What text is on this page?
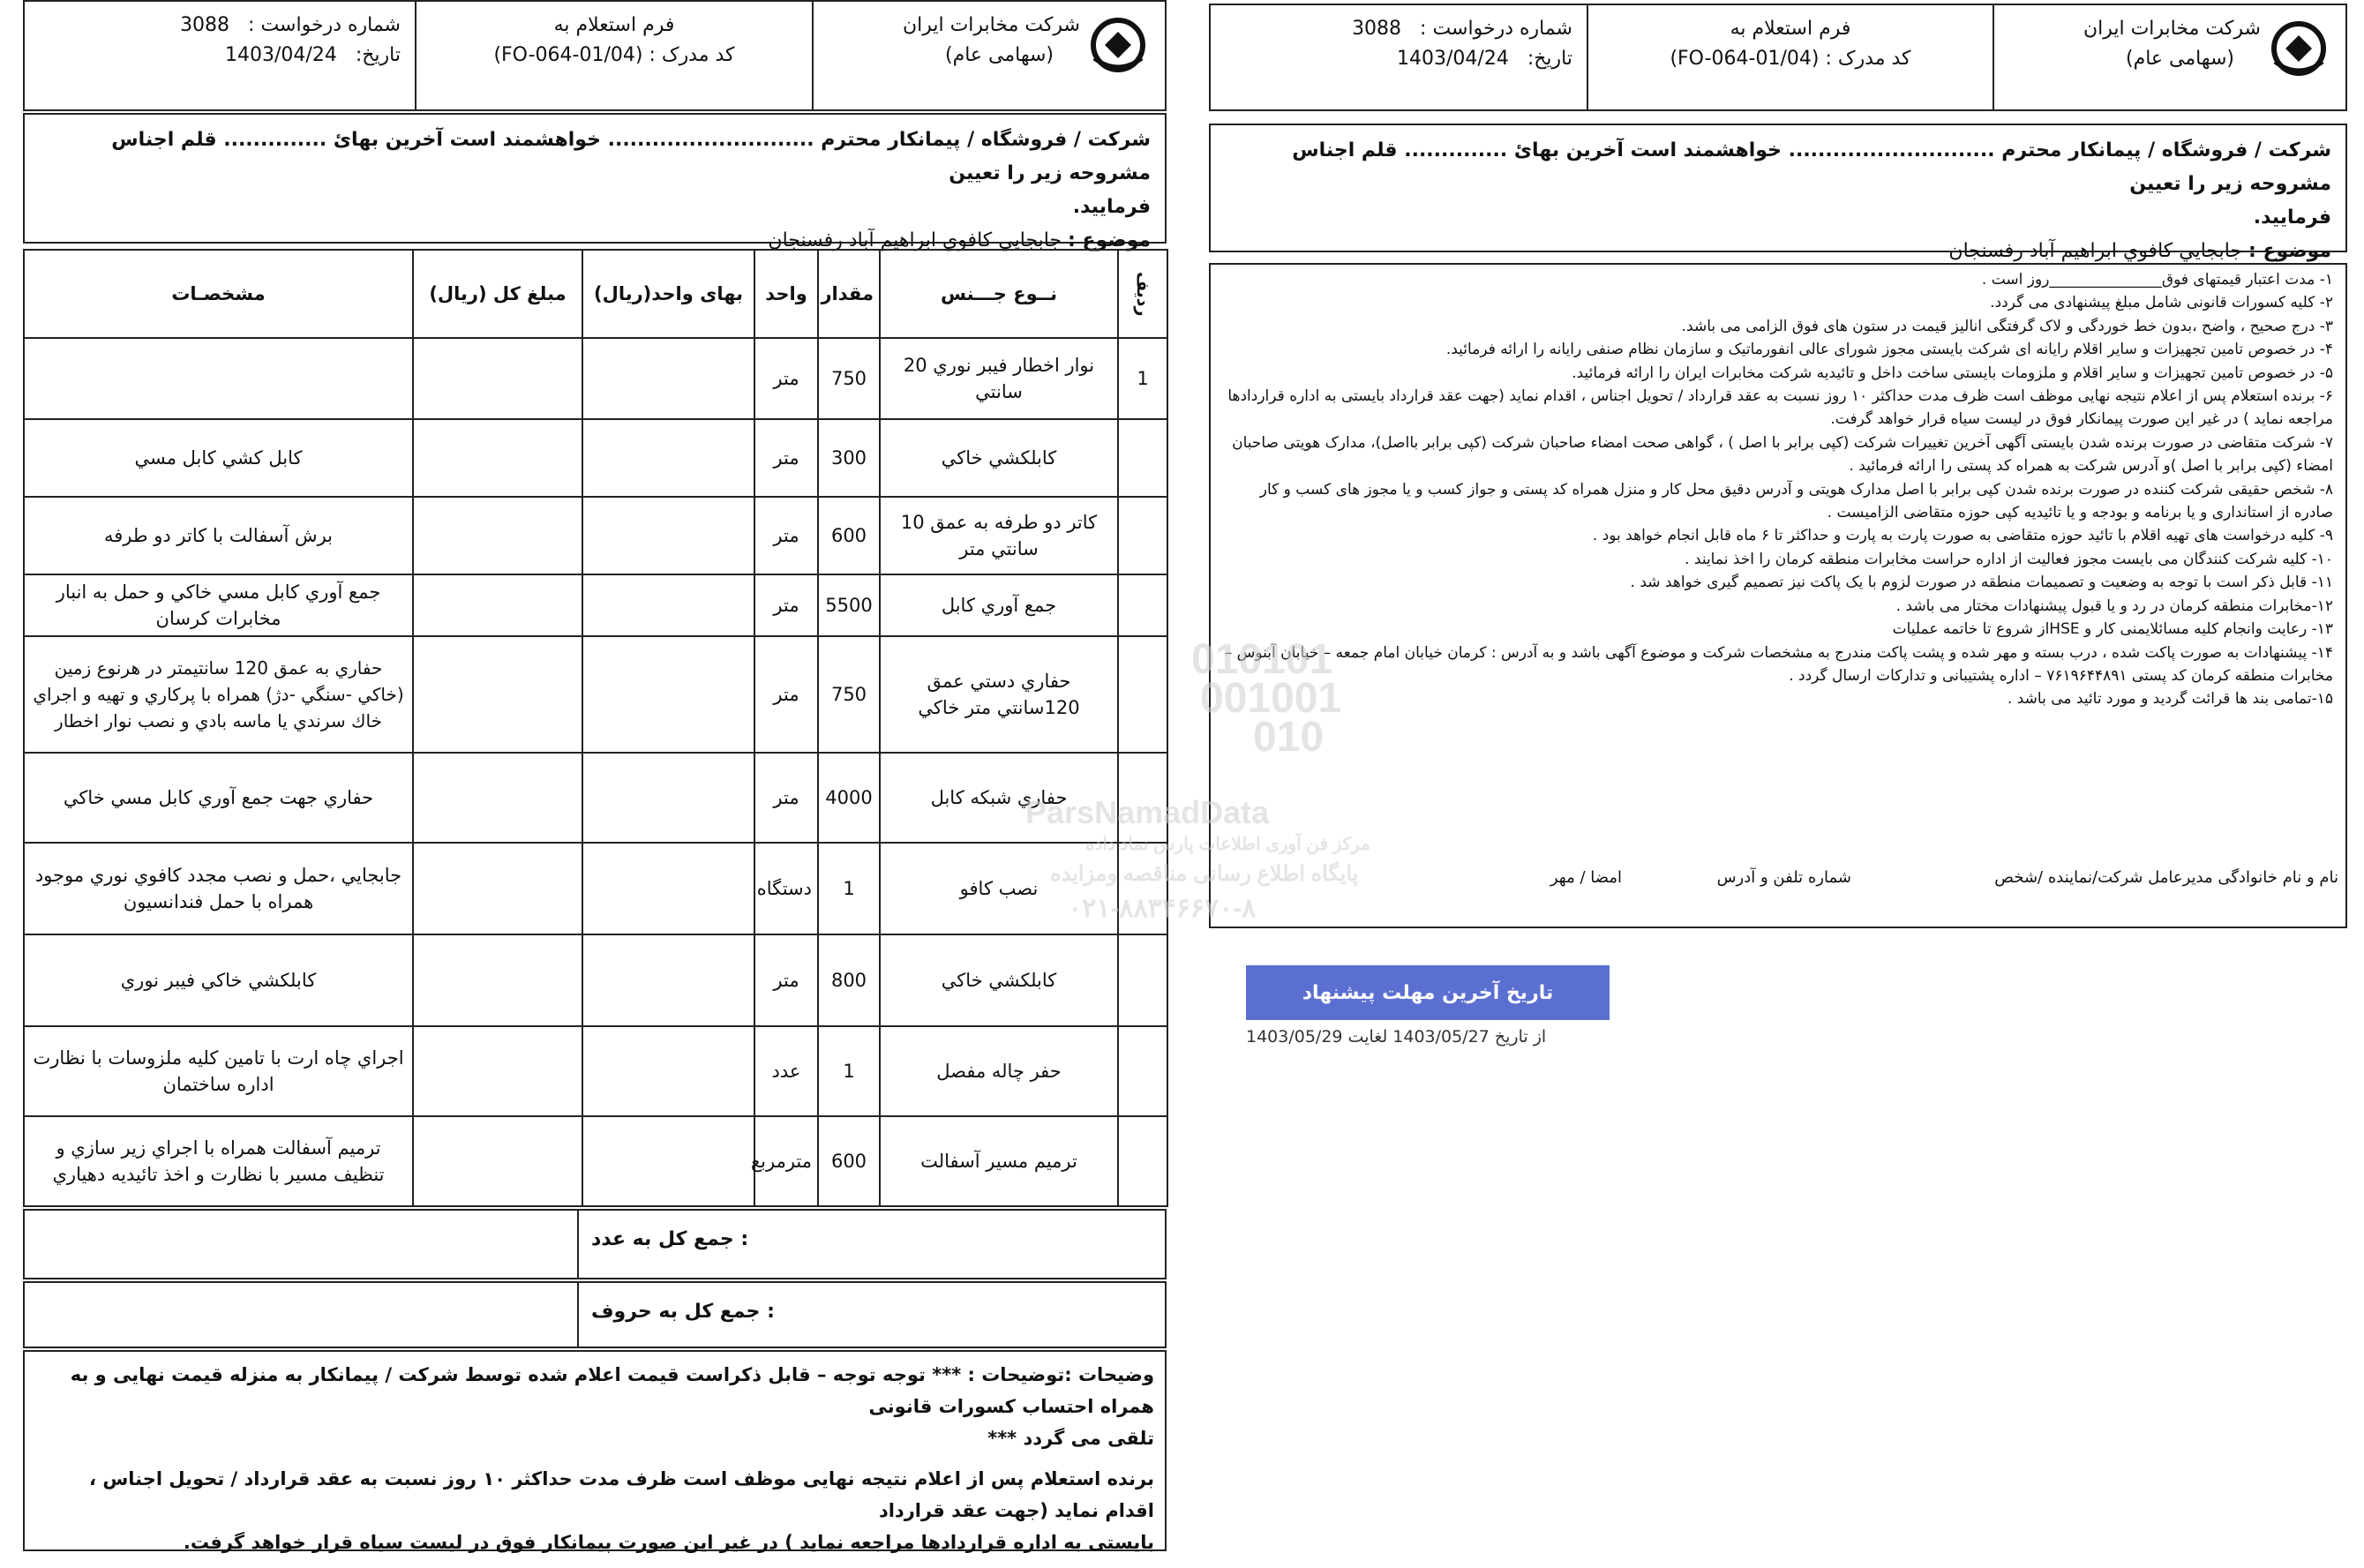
شرکت مخابرات ایران
(سهامی عام)
فرم استعلام به
کد مدرک : (FO-064-01/04)
شماره درخواست :   3088
تاریخ:   1403/04/24
شرکت / فروشگاه / پیمانکار محترم ............................ خواهشمند است آخرین بهایٔ .............. قلم اجناس مشروحه زیر را تعیین
فرمایید.
موضوع : جابجايي كافوي ابراهيم آباد رفسنجان
ردیف	نــوع جـــنس	مقدار	واحد	بهای واحد(ریال)	مبلغ کل (ریال)	مشخصـات
1	نوار اخطار فيبر نوري 20 سانتي	750	متر			
	كابلكشي خاكي	300	متر			كابل كشي كابل مسي
	كاتر دو طرفه به عمق 10 سانتي متر	600	متر			برش آسفالت با كاتر دو طرفه
	جمع آوري كابل	5500	متر			جمع آوري كابل مسي خاكي و حمل به انبار مخابرات كرسان
	حفاري دستي عمق 120سانتي متر خاكي	750	متر			حفاري به عمق 120 سانتيمتر در هرنوع زمين (خاكي -سنگي -دژ) همراه با پركاري و تهيه و اجراي خاك سرندي يا ماسه بادي و نصب نوار اخطار
	حفاري شبكه كابل	4000	متر			حفاري جهت جمع آوري كابل مسي خاكي
	نصب كافو	1	دستگاه			جابجايي ،حمل و نصب مجدد كافوي نوري موجود همراه با حمل فندانسيون
	كابلكشي خاكي	800	متر			كابلكشي خاكي فيبر نوري
	حفر چاله مفصل	1	عدد			اجراي چاه ارت با تامين كليه ملزوسات با نظارت اداره ساختمان
	ترميم مسير آسفالت	600	مترمربع			ترميم آسفالت همراه با اجراي زير سازي و تنظيف مسير با نظارت و اخذ تائيديه دهياري
جمع کل به عدد :
جمع کل به حروف :
وضیحات :توضیحات : *** توجه توجه – قابل ذکراست قیمت اعلام شده توسط شرکت / پیمانکار به منزله قیمت نهایی و به همراه احتساب کسورات قانونی
تلقی می گردد ***
برنده استعلام پس از اعلام نتیجه نهایی موظف است ظرف مدت حداکثر ۱۰ روز نسبت به عقد قرارداد / تحویل اجناس ، اقدام نماید (جهت عقد قرارداد
بایستی به اداره قراردادها مراجعه نماید ) در غیر این صورت پیمانکار فوق در لیست سیاه قرار خواهد گرفت.
شرکت مخابرات ایران
(سهامی عام)
فرم استعلام به
کد مدرک : (FO-064-01/04)
شماره درخواست :   3088
تاریخ:   1403/04/24
شرکت / فروشگاه / پیمانکار محترم ............................ خواهشمند است آخرین بهایٔ .............. قلم اجناس مشروحه زیر را تعیین
فرمایید.
موضوع : جابجايي كافوي ابراهيم آباد رفسنجان
۱- مدت اعتبار قیمتهای فوق_______________روز است .
۲- کلیه کسورات قانونی شامل مبلغ پیشنهادی می گردد.
۳- درج صحیح ، واضح ،بدون خط خوردگی و لاک گرفتگی انالیز قیمت در ستون های فوق الزامی می باشد.
۴- در خصوص تامین تجهیزات و سایر اقلام رایانه ای شرکت بایستی مجوز شورای عالی انفورماتیک و سازمان نظام صنفی رایانه را ارائه فرمائید.
۵- در خصوص تامین تجهیزات و سایر اقلام و ملزومات بایستی ساخت داخل و تائیدیه شرکت مخابرات ایران را ارائه فرمائید.
۶- برنده استعلام پس از اعلام نتیجه نهایی موظف است ظرف مدت حداکثر ۱۰ روز نسبت به عقد قرارداد / تحویل اجناس ، اقدام نماید (جهت عقد قرارداد بایستی به اداره قراردادها مراجعه نماید ) در غیر این صورت پیمانکار فوق در لیست سیاه قرار خواهد گرفت.
۷- شرکت متقاضی در صورت برنده شدن بایستی آگهی آخرین تغییرات شرکت (کپی برابر با اصل ) ، گواهی صحت امضاء صاحبان شرکت (کپی برابر بااصل)، مدارک هویتی صاحبان امضاء (کپی برابر با اصل )و آدرس شرکت به همراه کد پستی را ارائه فرمائید .
۸- شخص حقیقی شرکت کننده در صورت برنده شدن کپی برابر با اصل مدارک هویتی و آدرس دقیق محل کار و منزل همراه کد پستی و جواز کسب و یا مجوز های کسب و کار صادره از استانداری و یا برنامه و بودجه و یا تائیدیه کپی حوزه متقاضی الزامیست .
۹- کلیه درخواست های تهیه اقلام با تائید حوزه متقاضی به صورت پارت به پارت و حداکثر تا ۶ ماه قابل انجام خواهد بود .
۱۰- کلیه شرکت کنندگان می بایست مجوز فعالیت از اداره حراست مخابرات منطقه کرمان را اخذ نمایند .
۱۱- قابل ذکر است با توجه به وضعیت و تصمیمات منطقه در صورت لزوم با یک پاکت نیز تصمیم گیری خواهد شد .
۱۲-مخابرات منطقه کرمان در رد و یا قبول پیشنهادات مختار می باشد .
۱۳- رعایت وانجام کلیه مسائلایمنی کار و HSEاز شروع تا خاتمه عملیات
۱۴- پیشنهادات به صورت پاکت شده ، درب بسته و مهر شده و پشت پاکت مندرج به مشخصات شرکت و موضوع آگهی باشد و به آدرس : کرمان خیابان امام جمعه – خیابان آبنوس – مخابرات منطقه کرمان کد پستی ۷۶۱۹۶۴۴۸۹۱ – اداره پشتیبانی و تدارکات ارسال گردد .
۱۵-تمامی بند ها قرائت گردید و مورد تائید می باشد .
نام و نام خانوادگی مدیرعامل شرکت/نماینده /شخص
شماره تلفن و آدرس
امضا / مهر
تاریخ آخرین مهلت پیشنهاد
از تاریخ 1403/05/27 لغایت 1403/05/29
010101
001001
010
ParsNamadData
مرکز فن آوری اطلاعات پارس نماد داده
پایگاه اطلاع رسانی مناقصه ومزایده
۰۲۱-۸۸۳۴۶۶۷۰-۸
